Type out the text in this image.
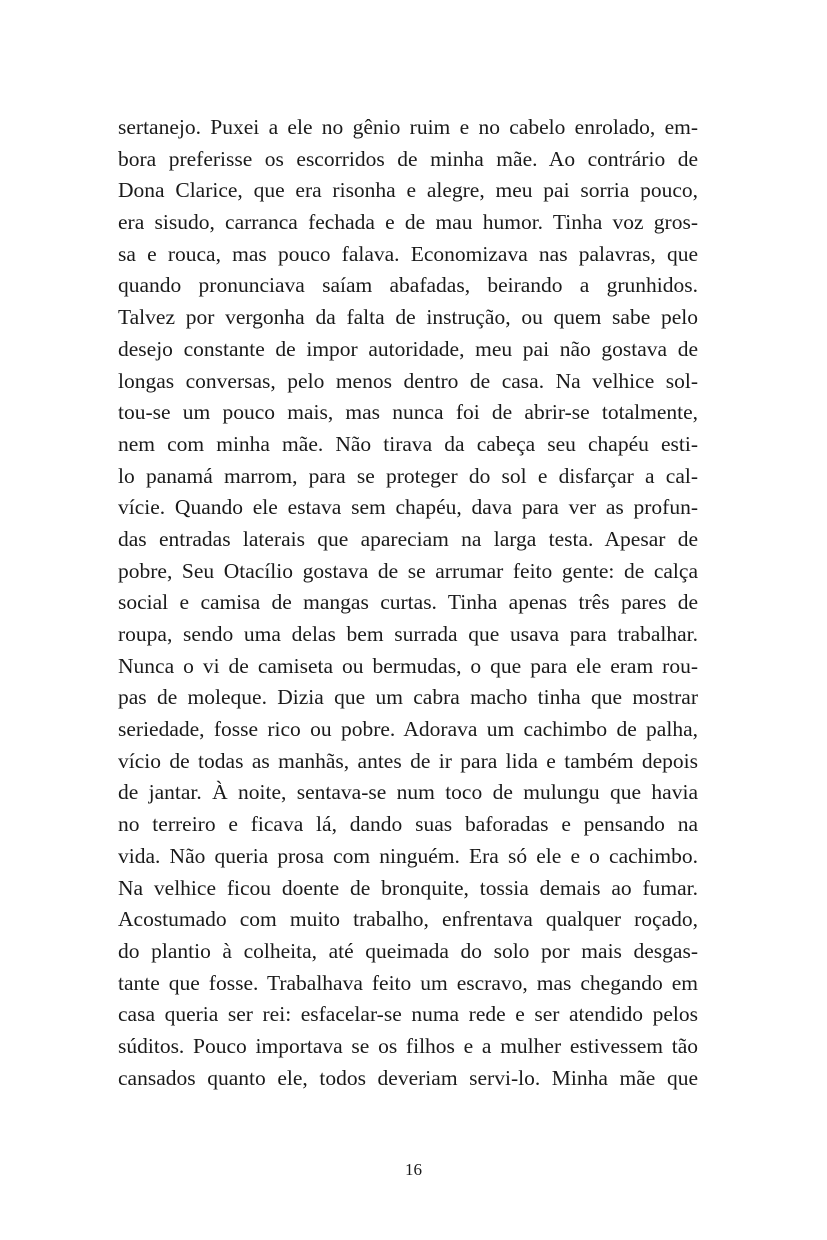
sertanejo. Puxei a ele no gênio ruim e no cabelo enrolado, em-
bora preferisse os escorridos de minha mãe. Ao contrário de
Dona Clarice, que era risonha e alegre, meu pai sorria pouco,
era sisudo, carranca fechada e de mau humor. Tinha voz gros-
sa e rouca, mas pouco falava. Economizava nas palavras, que
quando pronunciava saíam abafadas, beirando a grunhidos.
Talvez por vergonha da falta de instrução, ou quem sabe pelo
desejo constante de impor autoridade, meu pai não gostava de
longas conversas, pelo menos dentro de casa. Na velhice sol-
tou-se um pouco mais, mas nunca foi de abrir-se totalmente,
nem com minha mãe. Não tirava da cabeça seu chapéu esti-
lo panamá marrom, para se proteger do sol e disfarçar a cal-
vície. Quando ele estava sem chapéu, dava para ver as profun-
das entradas laterais que apareciam na larga testa. Apesar de
pobre, Seu Otacílio gostava de se arrumar feito gente: de calça
social e camisa de mangas curtas. Tinha apenas três pares de
roupa, sendo uma delas bem surrada que usava para trabalhar.
Nunca o vi de camiseta ou bermudas, o que para ele eram rou-
pas de moleque. Dizia que um cabra macho tinha que mostrar
seriedade, fosse rico ou pobre. Adorava um cachimbo de palha,
vício de todas as manhãs, antes de ir para lida e também depois
de jantar. À noite, sentava-se num toco de mulungu que havia
no terreiro e ficava lá, dando suas baforadas e pensando na
vida. Não queria prosa com ninguém. Era só ele e o cachimbo.
Na velhice ficou doente de bronquite, tossia demais ao fumar.
Acostumado com muito trabalho, enfrentava qualquer roçado,
do plantio à colheita, até queimada do solo por mais desgas-
tante que fosse. Trabalhava feito um escravo, mas chegando em
casa queria ser rei: esfacelar-se numa rede e ser atendido pelos
súditos. Pouco importava se os filhos e a mulher estivessem tão
cansados quanto ele, todos deveriam servi-lo. Minha mãe que
16
